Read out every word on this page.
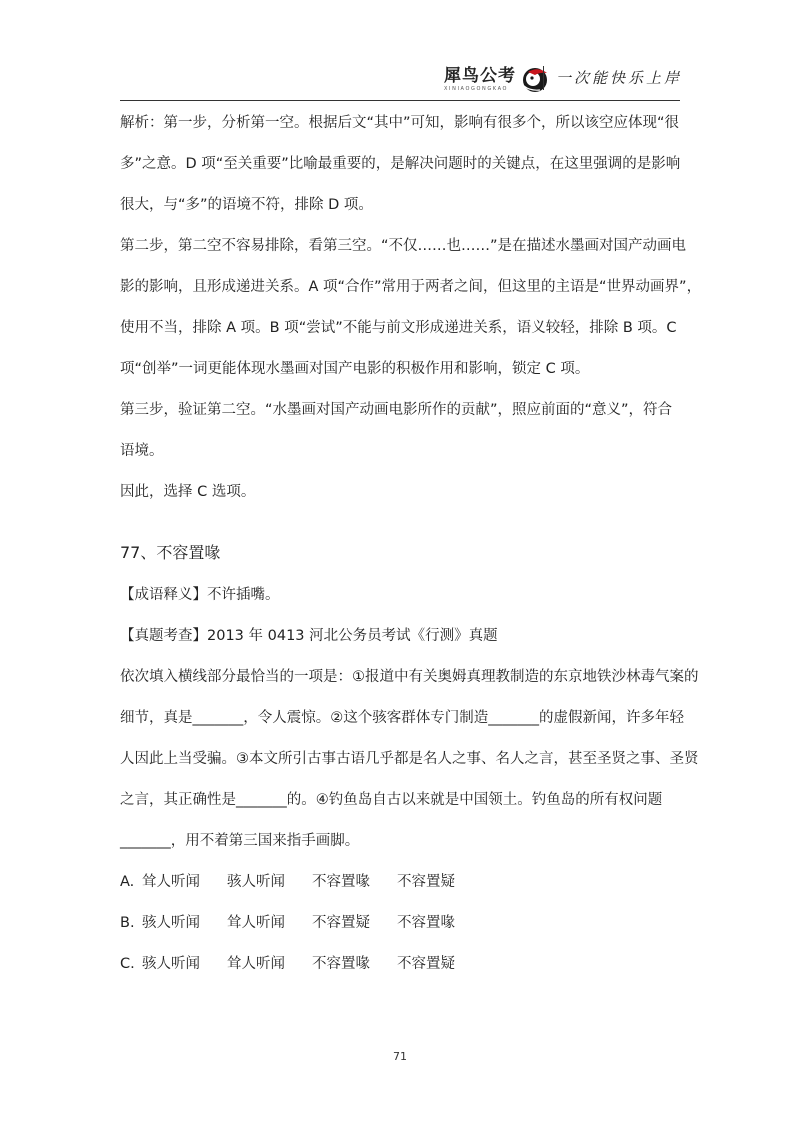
犀鸟公考
XINIAOGONGKAO
一次能快乐上岸
解析：第一步，分析第一空。根据后文“其中”可知，影响有很多个，所以该空应体现“很
多”之意。D 项“至关重要”比喻最重要的，是解决问题时的关键点，在这里强调的是影响
很大，与“多”的语境不符，排除 D 项。
第二步，第二空不容易排除，看第三空。“不仅……也……”是在描述水墨画对国产动画电
影的影响，且形成递进关系。A 项“合作”常用于两者之间，但这里的主语是“世界动画界”，
使用不当，排除 A 项。B 项“尝试”不能与前文形成递进关系，语义较轻，排除 B 项。C
项“创举”一词更能体现水墨画对国产电影的积极作用和影响，锁定 C 项。
第三步，验证第二空。“水墨画对国产动画电影所作的贡献”，照应前面的“意义”，符合
语境。
因此，选择 C 选项。
77、不容置喙
【成语释义】不许插嘴。
【真题考查】2013 年 0413 河北公务员考试《行测》真题
依次填入横线部分最恰当的一项是：①报道中有关奥姆真理教制造的东京地铁沙林毒气案的
细节，真是_______，令人震惊。②这个骇客群体专门制造_______的虚假新闻，许多年轻
人因此上当受骗。③本文所引古事古语几乎都是名人之事、名人之言，甚至圣贤之事、圣贤
之言，其正确性是_______的。④钓鱼岛自古以来就是中国领土。钓鱼岛的所有权问题
_______，用不着第三国来指手画脚。
A. 耸人听闻 骇人听闻 不容置喙 不容置疑
B. 骇人听闻 耸人听闻 不容置疑 不容置喙
C. 骇人听闻 耸人听闻 不容置喙 不容置疑
71
